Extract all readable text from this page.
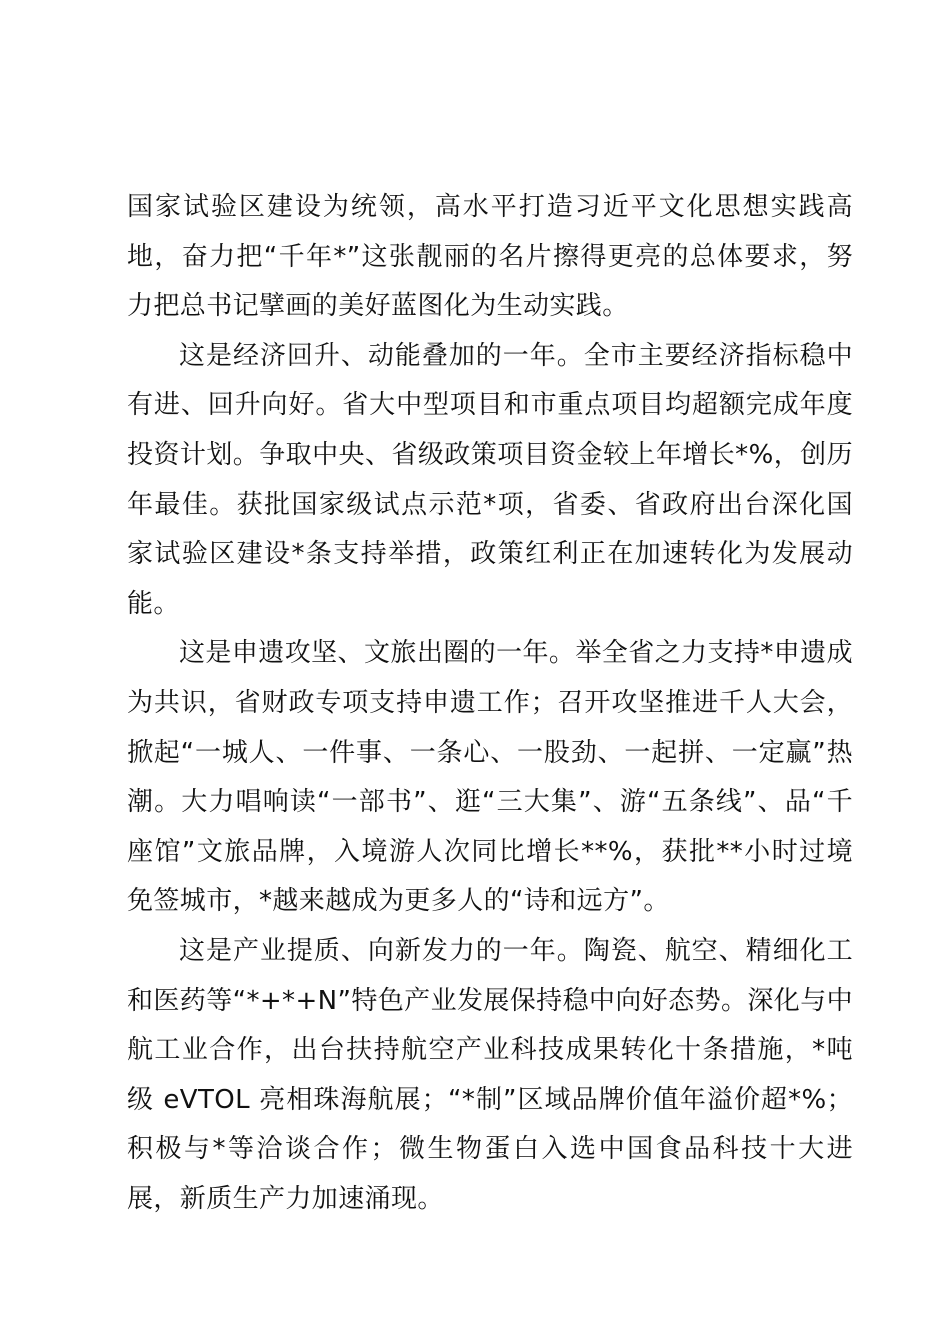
国家试验区建设为统领，高水平打造习近平文化思想实践高地，奋力把“千年*”这张靓丽的名片擦得更亮的总体要求，努力把总书记擘画的美好蓝图化为生动实践。

这是经济回升、动能叠加的一年。全市主要经济指标稳中有进、回升向好。省大中型项目和市重点项目均超额完成年度投资计划。争取中央、省级政策项目资金较上年增长*%，创历年最佳。获批国家级试点示范*项，省委、省政府出台深化国家试验区建设*条支持举措，政策红利正在加速转化为发展动能。

这是申遗攻坚、文旅出圈的一年。举全省之力支持*申遗成为共识，省财政专项支持申遗工作；召开攻坚推进千人大会，掀起“一城人、一件事、一条心、一股劲、一起拼、一定赢”热潮。大力唱响读“一部书”、逛“三大集”、游“五条线”、品“千座馆”文旅品牌，入境游人次同比增长**%，获批**小时过境免签城市，*越来越成为更多人的“诗和远方”。

这是产业提质、向新发力的一年。陶瓷、航空、精细化工和医药等“*+*+N”特色产业发展保持稳中向好态势。深化与中航工业合作，出台扶持航空产业科技成果转化十条措施，*吨级 eVTOL 亮相珠海航展；“*制”区域品牌价值年溢价超*%；积极与*等洽谈合作；微生物蛋白入选中国食品科技十大进展，新质生产力加速涌现。
